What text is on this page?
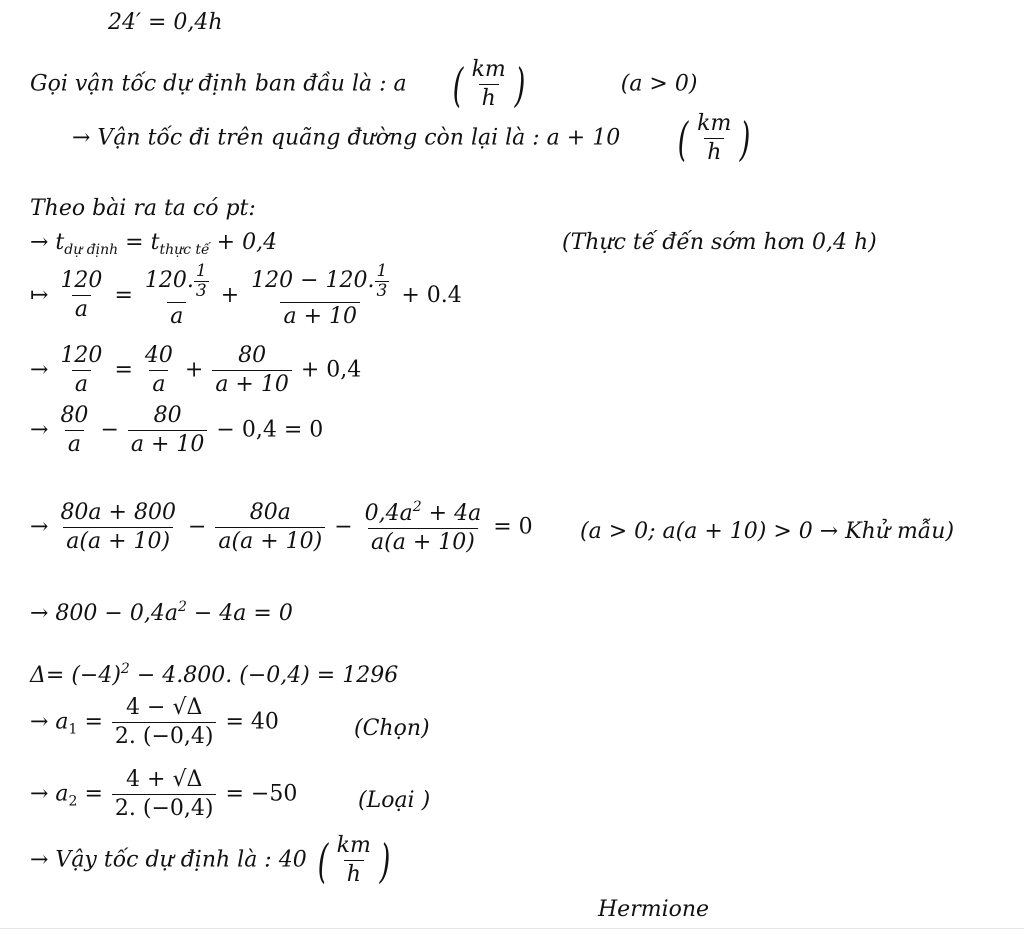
24′ = 0,4h
Gọi vận tốc dự định ban đầu là : a ( $\frac{km}{h}$ )	(a > 0)
→ Vận tốc đi trên quãng đường còn lại là : a + 10 ( $\frac{km}{h}$ )
Theo bài ra ta có pt:
→ $t_{dự định} = t_{thực tế} + 0,4$	(Thực tế đến sớm hơn 0,4 h)
↦ $\frac{120}{a} = \frac{120. \frac{1}{3}}{a} + \frac{120 - 120. \frac{1}{3}}{a + 10} + 0.4$
→ $\frac{120}{a} = \frac{40}{a} + \frac{80}{a + 10} + 0,4$
→ $\frac{80}{a} - \frac{80}{a + 10} - 0,4 = 0$
→ $\frac{80a + 800}{a(a + 10)} - \frac{80a}{a(a + 10)} - \frac{0,4a^2 + 4a}{a(a + 10)} = 0$ (a > 0; a(a + 10) > 0 → Khử mẫu)
→ $800 - 0,4a^2 - 4a = 0$
$\Delta= (-4)^2 - 4.800$. (−0,4) = 1296
→ $a_1 = \frac{4 - √\Delta}{2. (-0,4)} = 40$	(Chọn)
→ $a_2 = \frac{4 + √\Delta}{2. (-0,4)} = -50$	(Loại )
→ Vậy tốc dự định là : 40 ( $\frac{km}{h}$ )
Hermione
